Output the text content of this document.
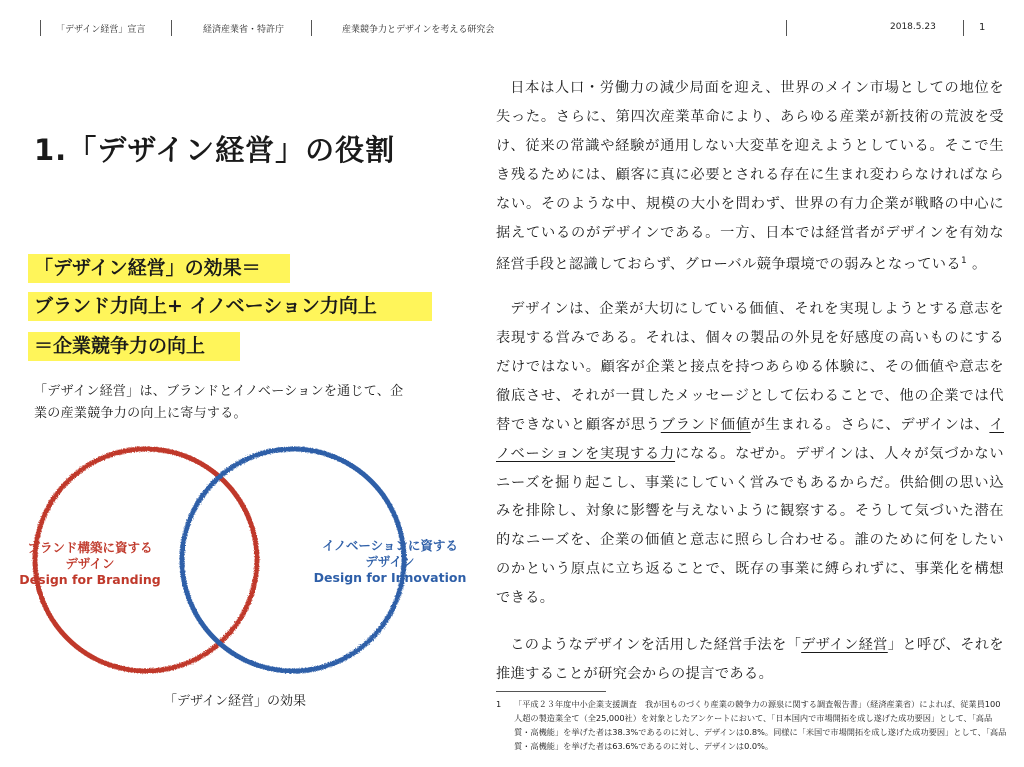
「デザイン経営」宣言	経済産業省・特許庁	産業競争力とデザインを考える研究会	2018.5.23	1
1.「デザイン経営」の役割
「デザイン経営」の効果＝
ブランド力向上+ イノベーション力向上
＝企業競争力の向上
「デザイン経営」は、ブランドとイノベーションを通じて、企
業の産業競争力の向上に寄与する。
ブランド構築に資する
デザイン
Design for Branding
イノベーションに資する
デザイン
Design for Innovation
「デザイン経営」の効果

日本は人口・労働力の減少局面を迎え、世界のメイン市場としての地位を失った。さらに、第四次産業革命により、あらゆる産業が新技術の荒波を受け、従来の常識や経験が通用しない大変革を迎えようとしている。そこで生き残るためには、顧客に真に必要とされる存在に生まれ変わらなければならない。そのような中、規模の大小を問わず、世界の有力企業が戦略の中心に据えているのがデザインである。一方、日本では経営者がデザインを有効な経営手段と認識しておらず、グローバル競争環境での弱みとなっている$^1$ 。

デザインは、企業が大切にしている価値、それを実現しようとする意志を表現する営みである。それは、個々の製品の外見を好感度の高いものにするだけではない。顧客が企業と接点を持つあらゆる体験に、その価値や意志を徹底させ、それが一貫したメッセージとして伝わることで、他の企業では代替できないと顧客が思うブランド価値が生まれる。さらに、デザインは、イノベーションを実現する力になる。なぜか。デザインは、人々が気づかないニーズを掘り起こし、事業にしていく営みでもあるからだ。供給側の思い込みを排除し、対象に影響を与えないように観察する。そうして気づいた潜在的なニーズを、企業の価値と意志に照らし合わせる。誰のために何をしたいのかという原点に立ち返ることで、既存の事業に縛られずに、事業化を構想できる。

このようなデザインを活用した経営手法を「デザイン経営」と呼び、それを推進することが研究会からの提言である。

1 「平成２３年度中小企業支援調査　我が国ものづくり産業の競争力の源泉に関する調査報告書」（経済産業省）によれば、従業員100人超の製造業全て（全25,000社）を対象としたアンケートにおいて、「日本国内で市場開拓を成し遂げた成功要因」として、「高品質・高機能」を挙げた者は38.3%であるのに対し、デザインは0.8%。同様に「米国で市場開拓を成し遂げた成功要因」として、「高品質・高機能」を挙げた者は63.6%であるのに対し、デザインは0.0%。
